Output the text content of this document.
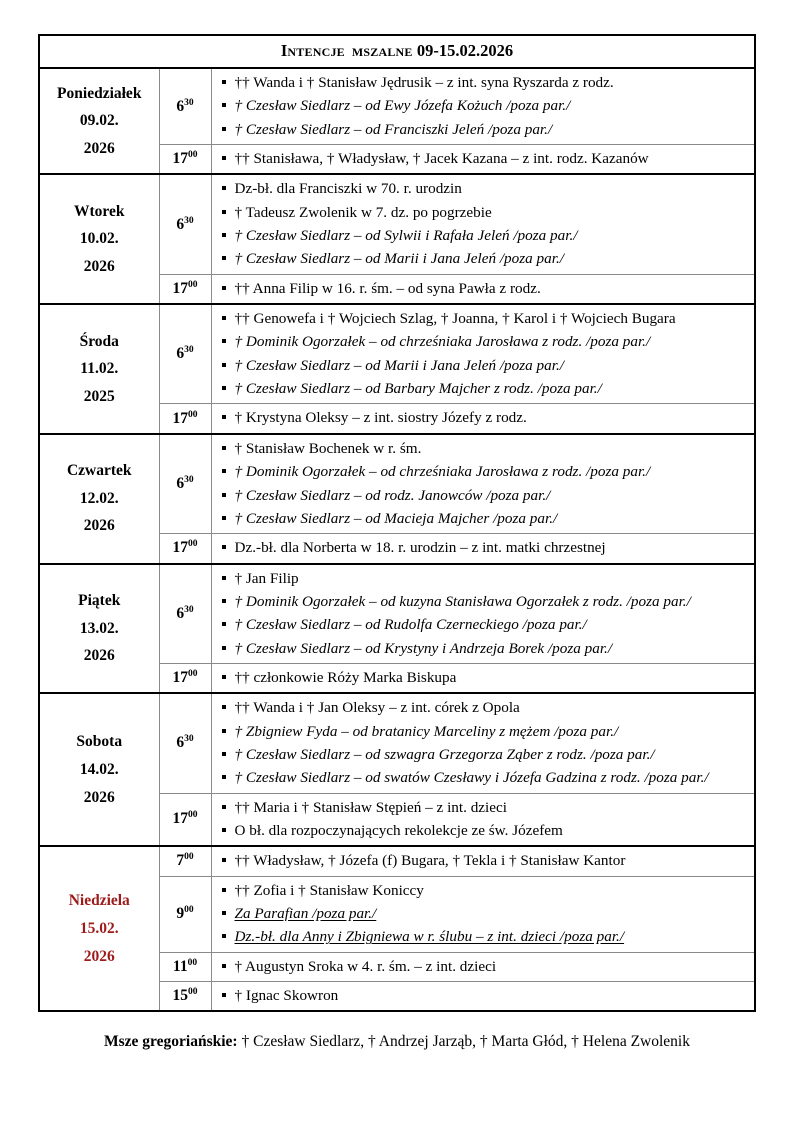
Intencje mszalne 09-15.02.2026		

Poniedziałek
09.02.
2026
	$6^{30}$	
†† Wanda i † Stanisław Jędrusik – z int. syna Ryszarda z rodz.
† Czesław Siedlarz – od Ewy Józefa Kożuch /poza par./
† Czesław Siedlarz – od Franciszki Jeleń /poza par./

$17^{00}$	†† Stanisława, † Władysław, † Jacek Kazana – z int. rodz. Kazanów

Wtorek
10.02.
2026
	$6^{30}$	
Dz-bł. dla Franciszki w 70. r. urodzin
† Tadeusz Zwolenik w 7. dz. po pogrzebie
† Czesław Siedlarz – od Sylwii i Rafała Jeleń /poza par./
† Czesław Siedlarz – od Marii i Jana Jeleń /poza par./

$17^{00}$	†† Anna Filip w 16. r. śm. – od syna Pawła z rodz.

Środa
11.02.
2025
	$6^{30}$	
†† Genowefa i † Wojciech Szlag, † Joanna, † Karol i † Wojciech Bugara
† Dominik Ogorzałek – od chrześniaka Jarosława z rodz. /poza par./
† Czesław Siedlarz – od Marii i Jana Jeleń /poza par./
† Czesław Siedlarz – od Barbary Majcher z rodz. /poza par./

$17^{00}$	† Krystyna Oleksy – z int. siostry Józefy z rodz.

Czwartek
12.02.
2026
	$6^{30}$	
† Stanisław Bochenek w r. śm.
† Dominik Ogorzałek – od chrześniaka Jarosława z rodz. /poza par./
† Czesław Siedlarz – od rodz. Janowców /poza par./
† Czesław Siedlarz – od Macieja Majcher /poza par./

$17^{00}$	Dz.-bł. dla Norberta w 18. r. urodzin – z int. matki chrzestnej

Piątek
13.02.
2026
	$6^{30}$	
† Jan Filip
† Dominik Ogorzałek – od kuzyna Stanisława Ogorzałek z rodz. /poza par./
† Czesław Siedlarz – od Rudolfa Czerneckiego /poza par./
† Czesław Siedlarz – od Krystyny i Andrzeja Borek /poza par./

$17^{00}$	†† członkowie Róży Marka Biskupa

Sobota
14.02.
2026
	$6^{30}$	
†† Wanda i † Jan Oleksy – z int. córek z Opola
† Zbigniew Fyda – od bratanicy Marceliny z mężem /poza par./
† Czesław Siedlarz – od szwagra Grzegorza Ząber z rodz. /poza par./
† Czesław Siedlarz – od swatów Czesławy i Józefa Gadzina z rodz. /poza par./

$17^{00}$	†† Maria i † Stanisław Stępień – z int. dzieci
O bł. dla rozpoczynających rekolekcje ze św. Józefem

Niedziela
15.02.
2026
	$7^{00}$	†† Władysław, † Józefa (f) Bugara, † Tekla i † Stanisław Kantor

$9^{00}$	
†† Zofia i † Stanisław Koniccy
Za Parafian /poza par./
Dz.-bł. dla Anny i Zbigniewa w r. ślubu – z int. dzieci /poza par./

$11^{00}$	† Augustyn Sroka w 4. r. śm. – z int. dzieci

$15^{00}$	† Ignac Skowron
Msze gregoriańskie: † Czesław Siedlarz, † Andrzej Jarząb, † Marta Głód, † Helena Zwolenik
